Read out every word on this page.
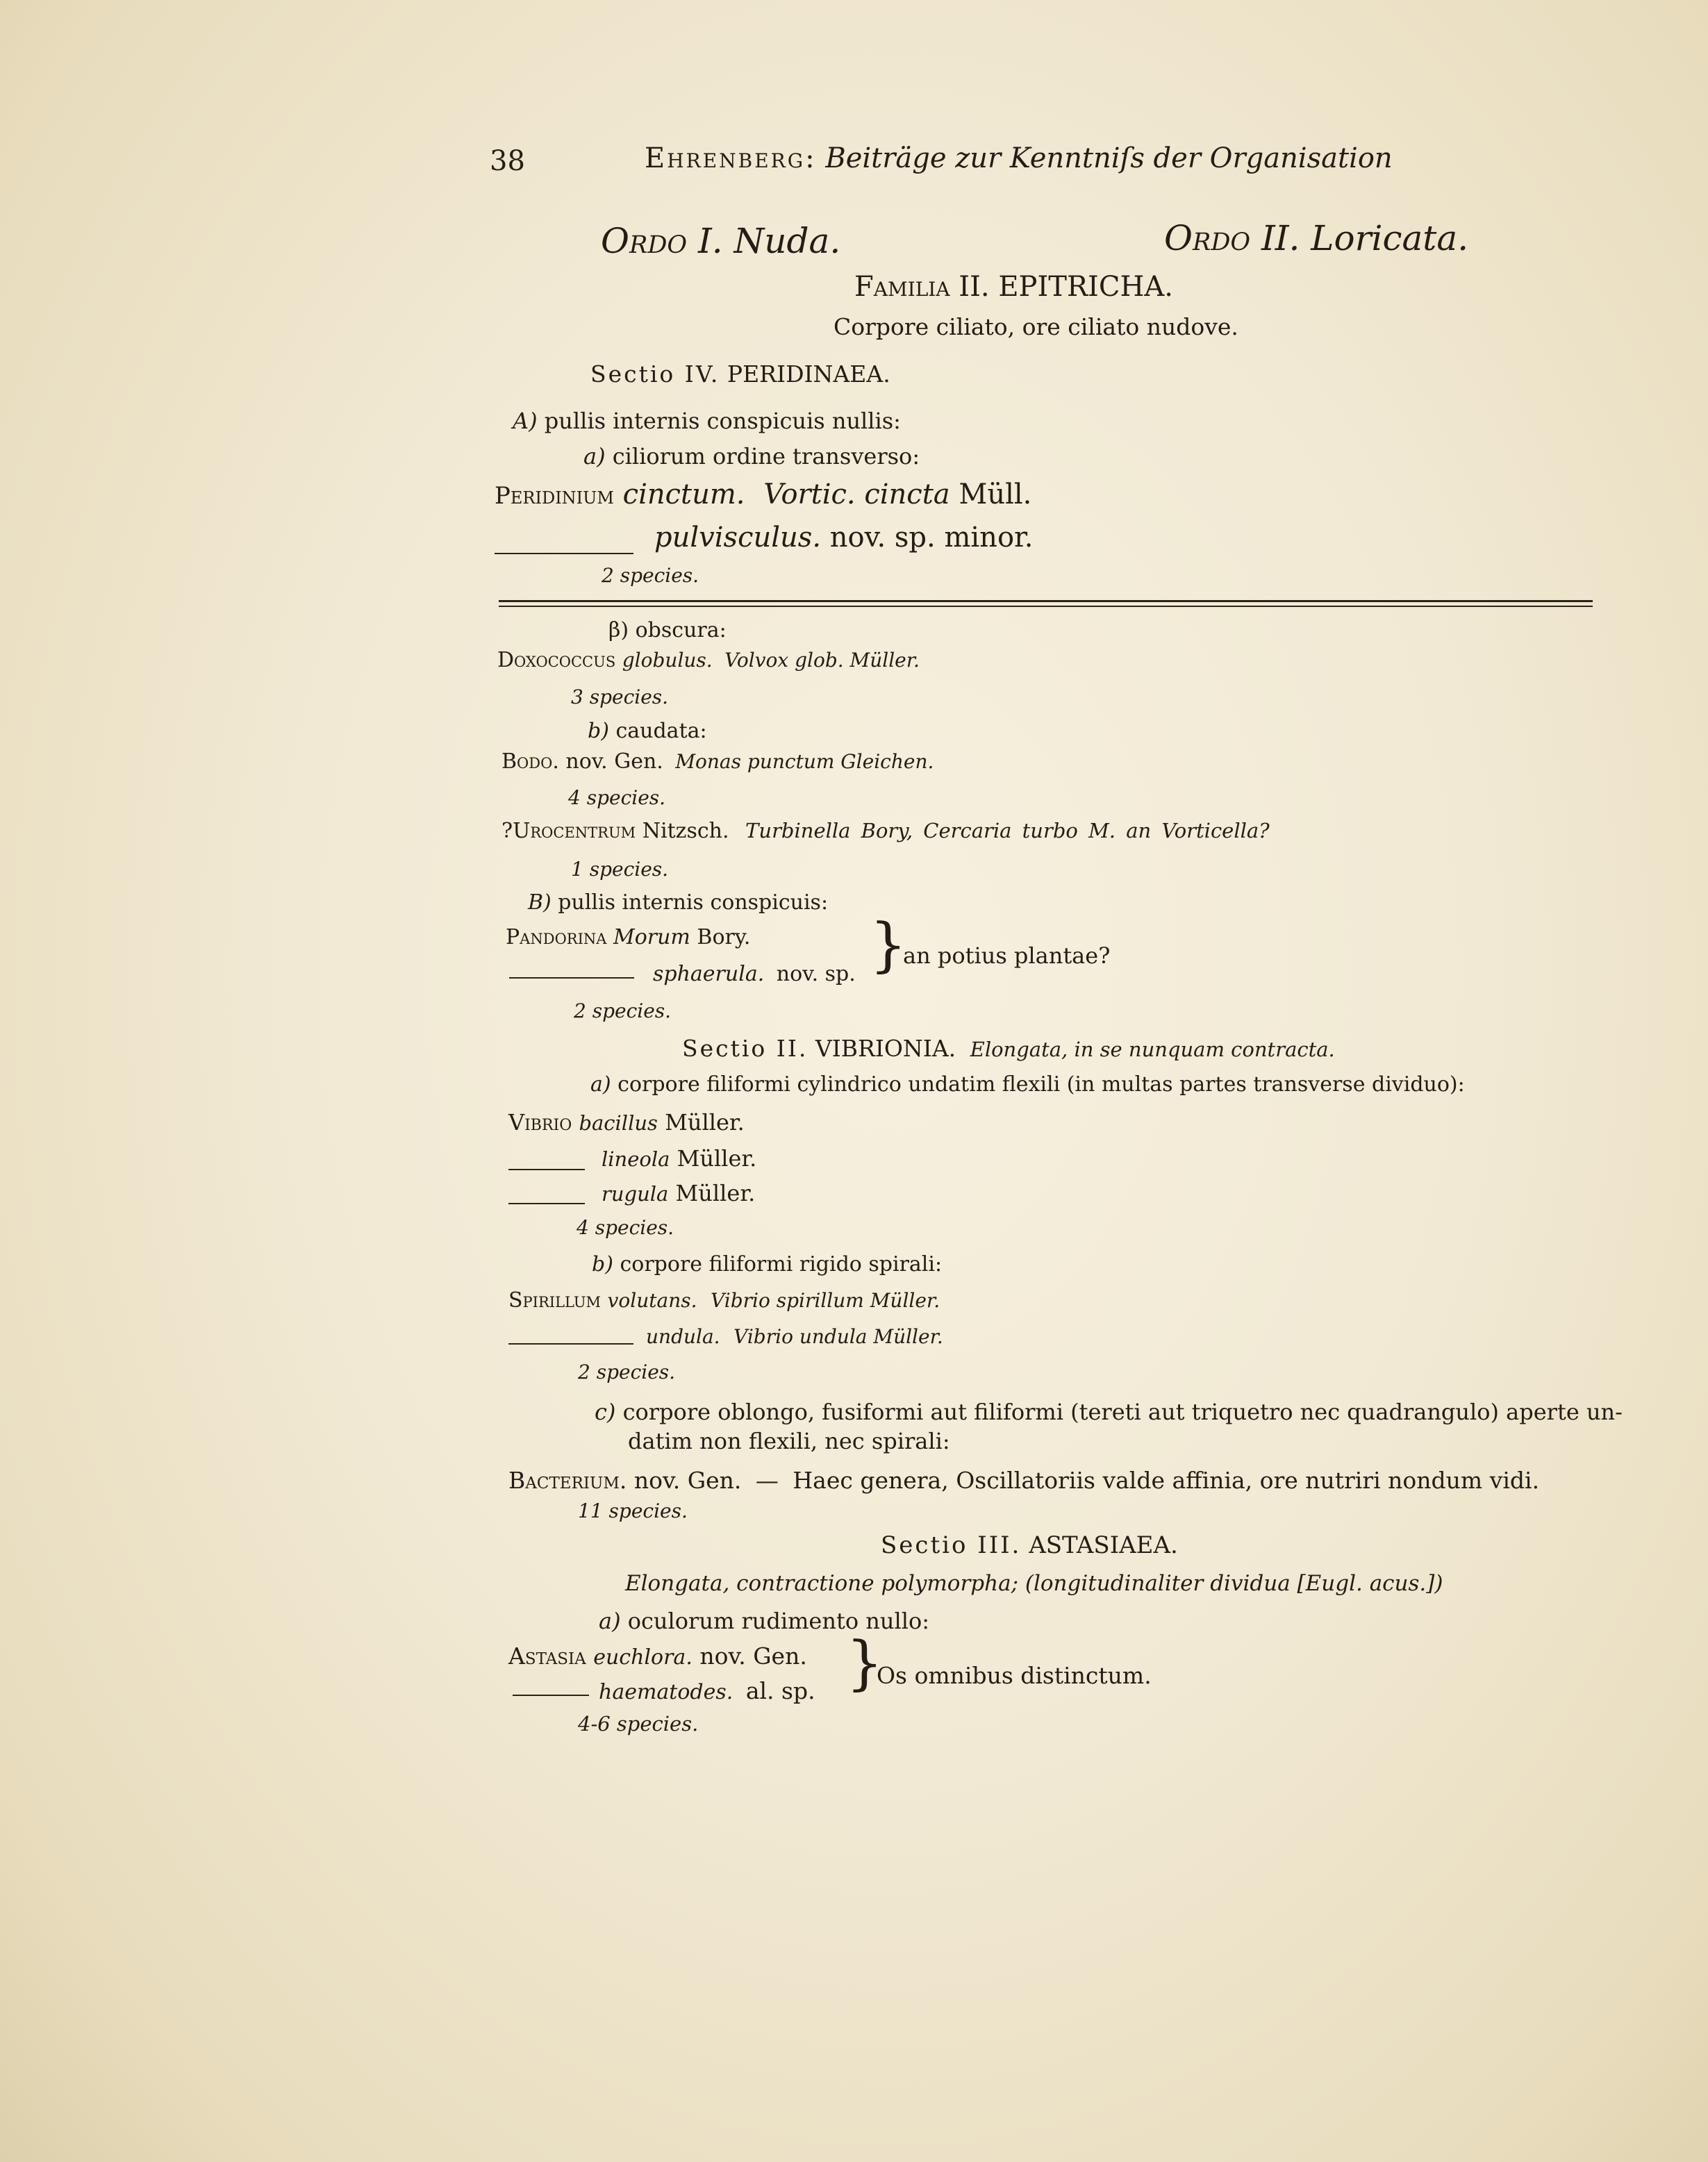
38	Ehrenberg: Beiträge zur Kenntniſs der Organisation
Ordo I. Nuda.	Ordo II. Loricata.
Familia II. EPITRICHA.
Corpore ciliato, ore ciliato nudove.
Sectio IV. PERIDINAEA.
A) pullis internis conspicuis nullis:
a) ciliorum ordine transverso:
Peridinium cinctum. Vortic. cincta Müll.
pulvisculus. nov. sp. minor.
2 species.
β) obscura:
Doxococcus globulus. Volvox glob. Müller.
3 species.
b) caudata:
Bodo. nov. Gen. Monas punctum Gleichen.
4 species.
?Urocentrum Nitzsch. Turbinella Bory, Cercaria turbo M. an Vorticella?
1 species.
B) pullis internis conspicuis:
Pandorina Morum Bory.
sphaerula. nov. sp. }
an potius plantae?
2 species.
Sectio II. VIBRIONIA. Elongata, in se nunquam contracta.
a) corpore filiformi cylindrico undatim flexili (in multas partes transverse dividuo):
Vibrio bacillus Müller.
lineola Müller.
rugula Müller.
4 species.
b) corpore filiformi rigido spirali:
Spirillum volutans. Vibrio spirillum Müller.
undula. Vibrio undula Müller.
2 species.
c) corpore oblongo, fusiformi aut filiformi (tereti aut triquetro nec quadrangulo) aperte un-
datim non flexili, nec spirali:
Bacterium. nov. Gen. — Haec genera, Oscillatoriis valde affinia, ore nutriri nondum vidi.
11 species.
Sectio III. ASTASIAEA.
Elongata, contractione polymorpha; (longitudinaliter dividua [Eugl. acus.])
a) oculorum rudimento nullo:
Astasia euchlora. nov. Gen.
haematodes. al. sp. }
Os omnibus distinctum.
4-6 species.
